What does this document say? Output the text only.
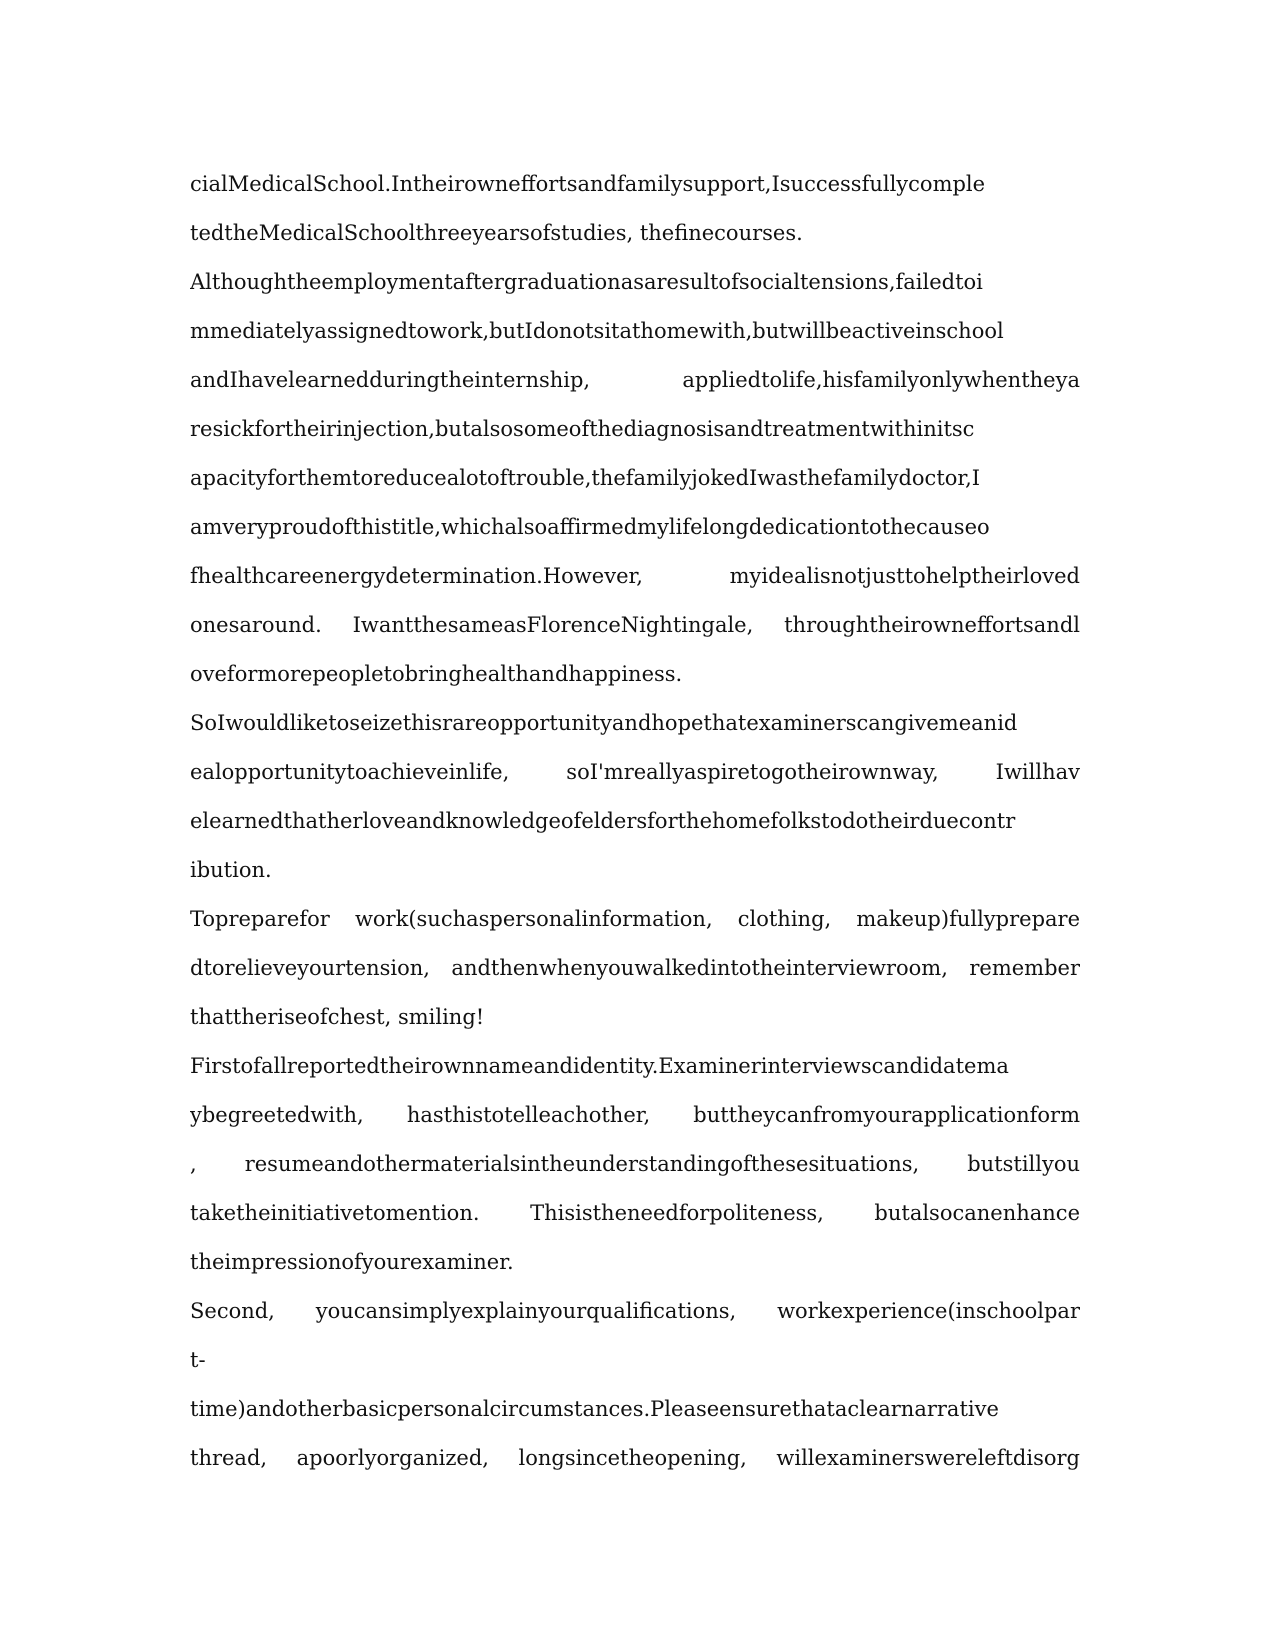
cialMedicalSchool.Intheirowneffortsandfamilysupport,Isuccessfullycomple
tedtheMedicalSchoolthreeyearsofstudies, thefinecourses.
Althoughtheemploymentaftergraduationasaresultofsocialtensions,failedtoi
mmediatelyassignedtowork,butIdonotsitathomewith,butwillbeactiveinschool
andIhavelearnedduringtheinternship, appliedtolife,hisfamilyonlywhentheya
resickfortheirinjection,butalsosomeofthediagnosisandtreatmentwithinitsc
apacityforthemtoreducealotoftrouble,thefamilyjokedIwasthefamilydoctor,I
amveryproudofthistitle,whichalsoaffirmedmylifelongdedicationtothecauseo
fhealthcareenergydetermination.However, myidealisnotjusttohelptheirloved
onesaround. IwantthesameasFlorenceNightingale, throughtheirowneffortsandl
oveformorepeopletobringhealthandhappiness.
SoIwouldliketoseizethisrareopportunityandhopethatexaminerscangivemeanid
ealopportunitytoachieveinlife, soI'mreallyaspiretogotheirownway, Iwillhav
elearnedthatherloveandknowledgeofeldersforthehomefolkstodotheirduecontr
ibution.
Topreparefor work(suchaspersonalinformation, clothing, makeup)fullyprepare
dtorelieveyourtension, andthenwhenyouwalkedintotheinterviewroom, remember
thattheriseofchest, smiling!
Firstofallreportedtheirownnameandidentity.Examinerinterviewscandidatema
ybegreetedwith, hasthistotelleachother, buttheycanfromyourapplicationform
, resumeandothermaterialsintheunderstandingofthesesituations, butstillyou
taketheinitiativetomention. Thisistheneedforpoliteness, butalsocanenhance
theimpressionofyourexaminer.
Second, youcansimplyexplainyourqualifications, workexperience(inschoolpar
t-
time)andotherbasicpersonalcircumstances.Pleaseensurethataclearnarrative
thread, apoorlyorganized, longsincetheopening, willexaminerswereleftdisorg
